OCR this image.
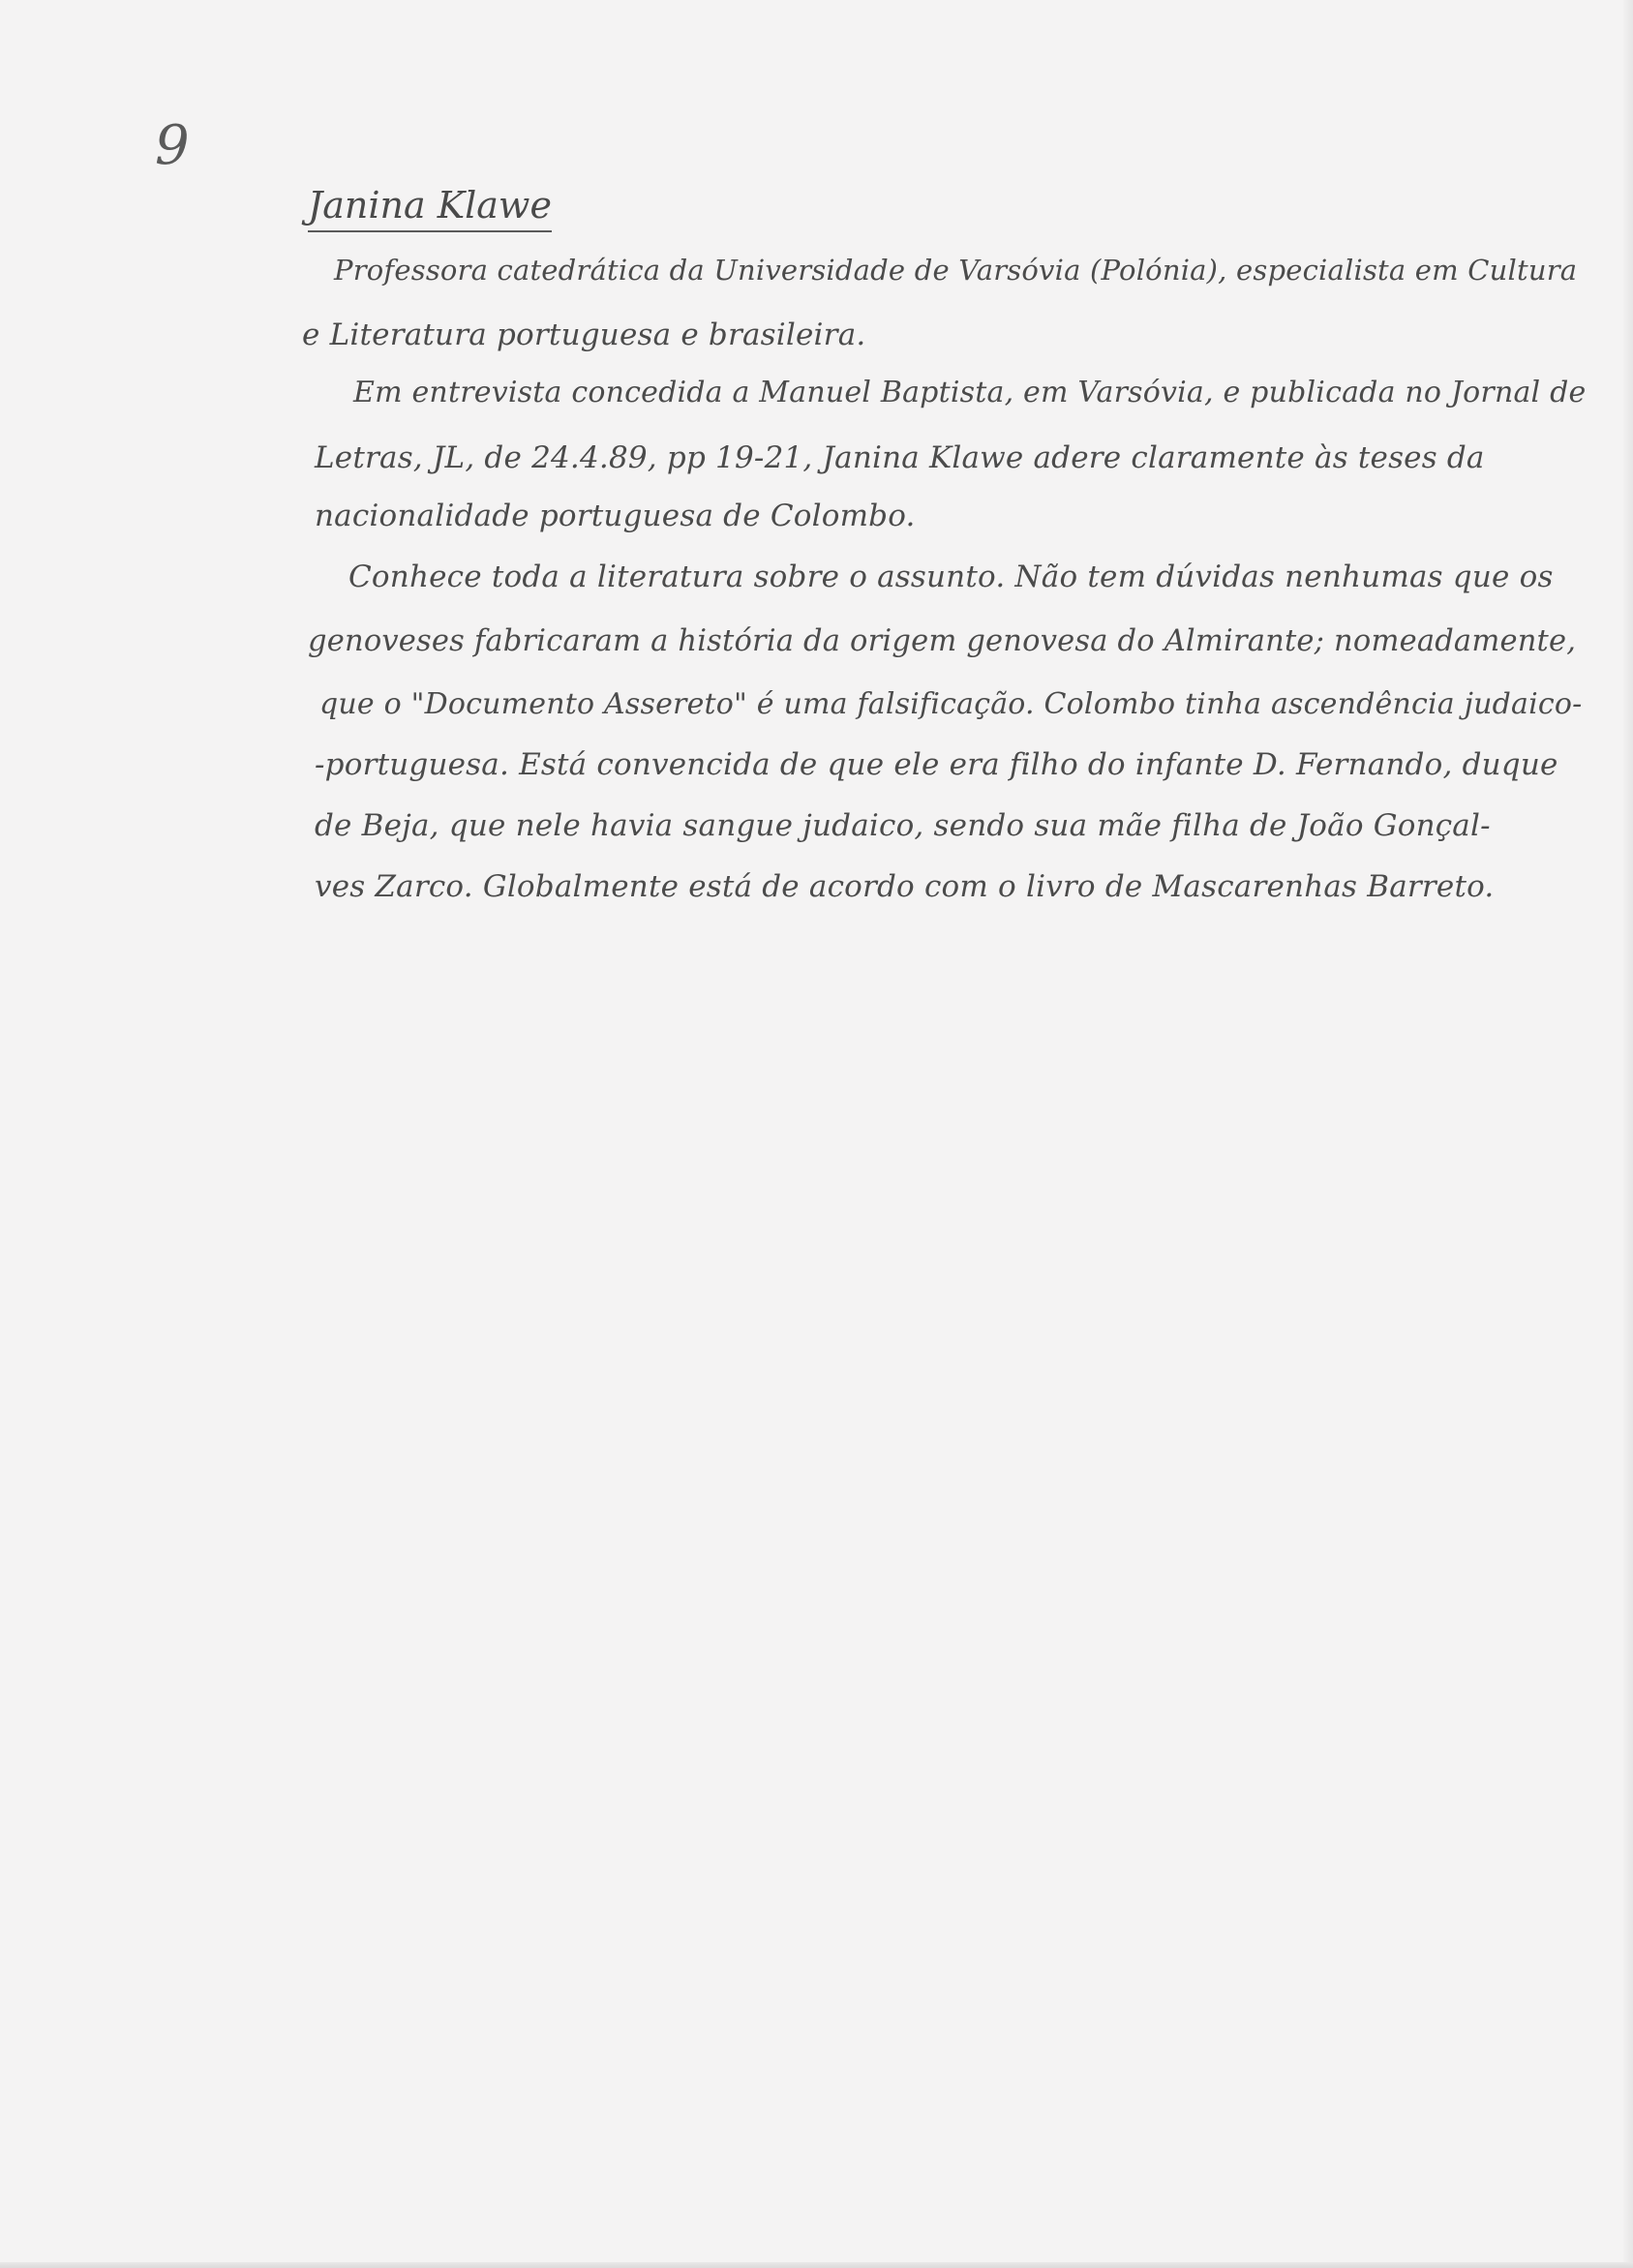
9
Janina Klawe
Professora catedrática da Universidade de Varsóvia (Polónia), especialista em Cultura
e Literatura portuguesa e brasileira.
Em entrevista concedida a Manuel Baptista, em Varsóvia, e publicada no Jornal de
Letras, JL, de 24.4.89, pp 19-21, Janina Klawe adere claramente às teses da
nacionalidade portuguesa de Colombo.
Conhece toda a literatura sobre o assunto. Não tem dúvidas nenhumas que os
genoveses fabricaram a história da origem genovesa do Almirante; nomeadamente,
que o "Documento Assereto" é uma falsificação. Colombo tinha ascendência judaico-
-portuguesa. Está convencida de que ele era filho do infante D. Fernando, duque
de Beja, que nele havia sangue judaico, sendo sua mãe filha de João Gonçal-
ves Zarco. Globalmente está de acordo com o livro de Mascarenhas Barreto.
